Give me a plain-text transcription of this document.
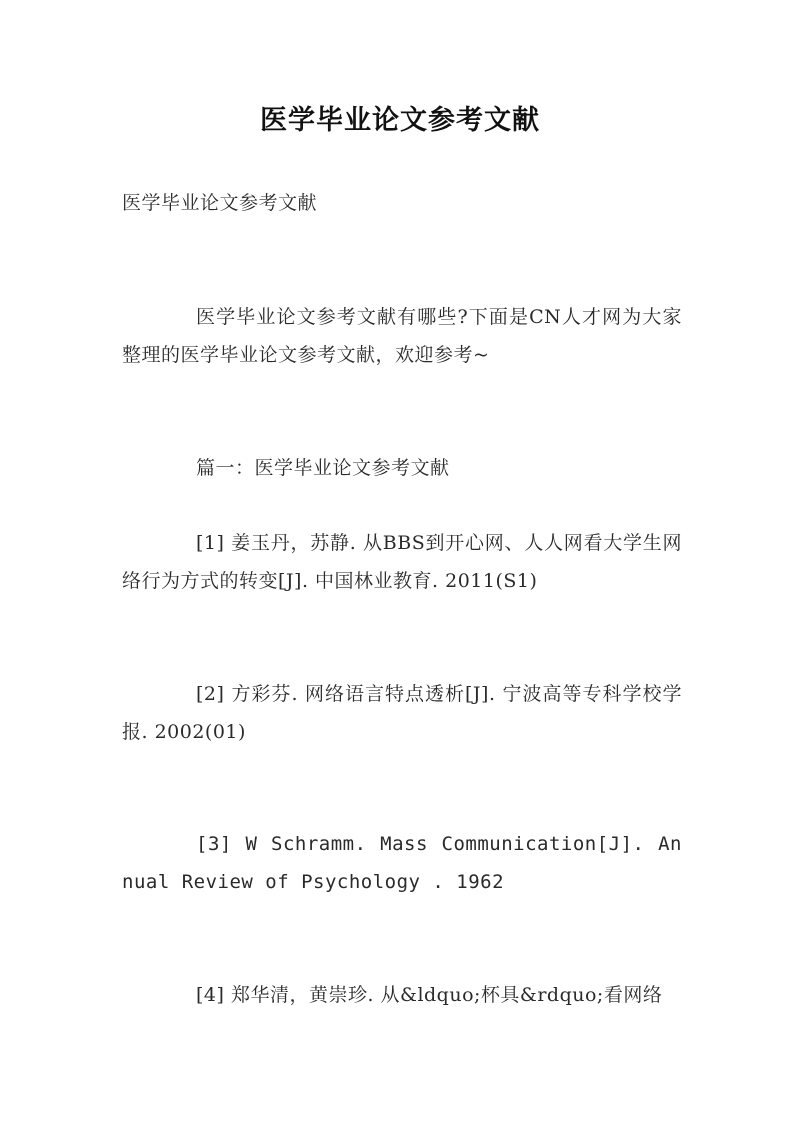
医学毕业论文参考文献
医学毕业论文参考文献
医学毕业论文参考文献有哪些?下面是CN人才网为大家整理的医学毕业论文参考文献，欢迎参考~
篇一：医学毕业论文参考文献
[1] 姜玉丹，苏静. 从BBS到开心网、人人网看大学生网络行为方式的转变[J]. 中国林业教育. 2011(S1)
[2] 方彩芬. 网络语言特点透析[J]. 宁波高等专科学校学报. 2002(01)
[3] W Schramm. Mass Communication[J]. Annual Review of Psychology . 1962
[4] 郑华清，黄崇珍. 从&ldquo;杯具&rdquo;看网络
